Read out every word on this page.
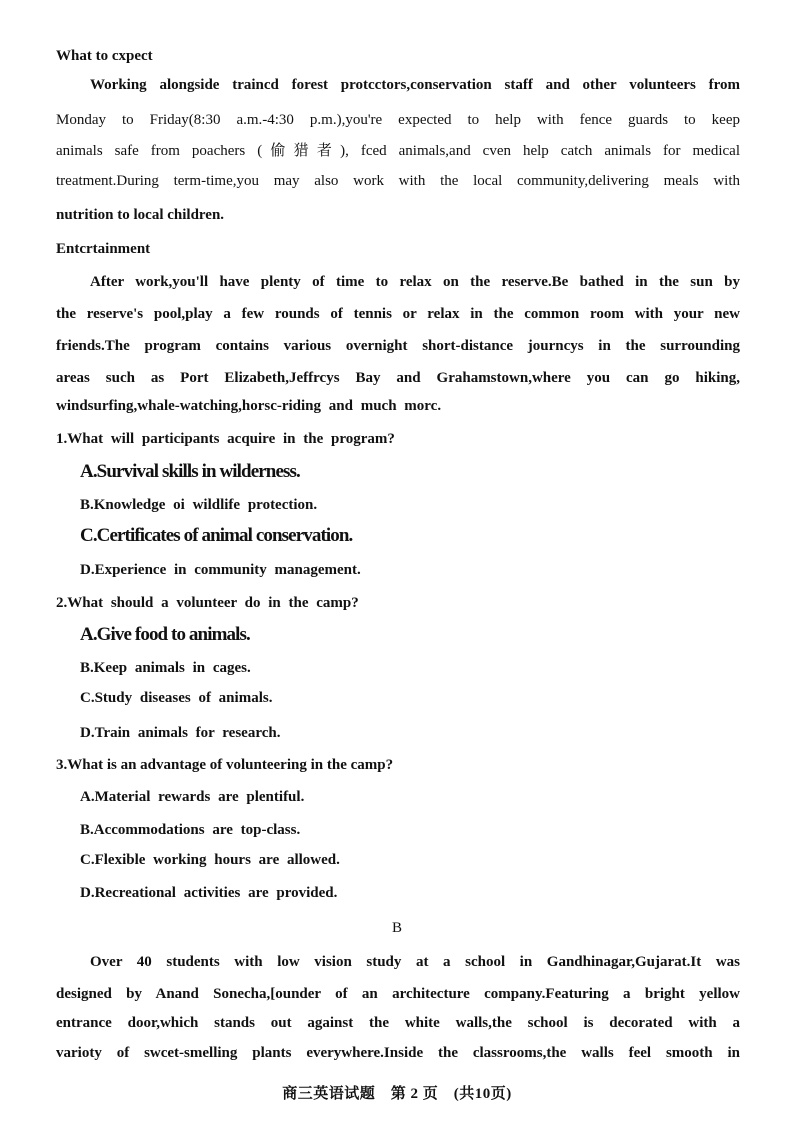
What to cxpect
Working alongside traincd forest protcctors,conservation staff and other volunteers from
Monday to Friday(8:30 a.m.-4:30 p.m.),you're expected to help with fence guards to keep
animals safe from poachers (偷猎者), fced animals,and cven help catch animals for medical
treatment.During term-time,you may also work with the local community,delivering meals with
nutrition to local children.
Entcrtainment
After work,you'll have plenty of time to relax on the reserve.Be bathed in the sun by
the reserve's pool,play a few rounds of tennis or relax in the common room with your new
friends.The program contains various overnight short-distance journcys in the surrounding
areas such as Port Elizabeth,Jeffrcys Bay and Grahamstown,where you can go hiking,
windsurfing,whale-watching,horsc-riding and much morc.
1.What will participants acquire in the program?
A.Survival skills in wilderness.
B.Knowledge oi wildlife protection.
C.Certificates of animal conservation.
D.Experience in community management.
2.What should a volunteer do in the camp?
A.Give food to animals.
B.Keep animals in cages.
C.Study diseases of animals.
D.Train animals for research.
3.What is an advantage of volunteering in the camp?
A.Material rewards are plentiful.
B.Accommodations are top-class.
C.Flexible working hours are allowed.
D.Recreational activities are provided.
B
Over 40 students with low vision study at a school in Gandhinagar,Gujarat.It was
designed by Anand Sonecha,[ounder of an architecture company.Featuring a bright yellow
entrance door,which stands out against the white walls,the school is decorated with a
varioty of swcet-smelling plants everywhere.Inside the classrooms,the walls feel smooth in
商三英语试题　第 2 页　(共10页)
